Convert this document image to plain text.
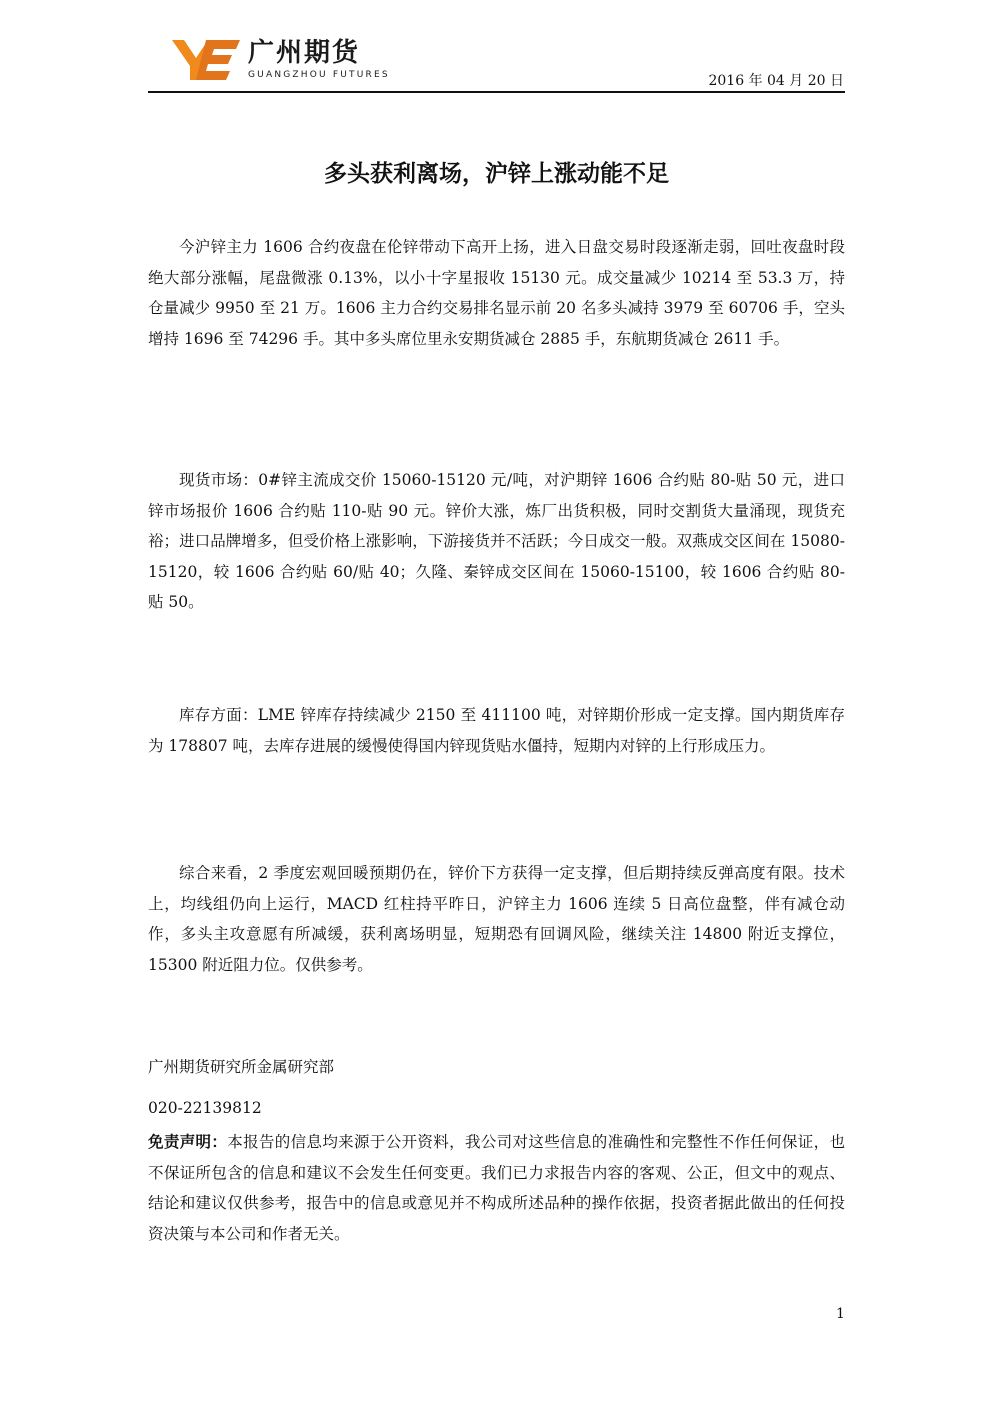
广州期货
GUANGZHOU FUTURES	2016 年 04 月 20 日
多头获利离场，沪锌上涨动能不足

今沪锌主力 1606 合约夜盘在伦锌带动下高开上扬，进入日盘交易时段逐渐走弱，回吐夜盘时段绝大部分涨幅，尾盘微涨 0.13%，以小十字星报收 15130 元。成交量减少 10214 至 53.3 万，持仓量减少 9950 至 21 万。1606 主力合约交易排名显示前 20 名多头减持 3979 至 60706 手，空头增持 1696 至 74296 手。其中多头席位里永安期货减仓 2885 手，东航期货减仓 2611 手。

现货市场：0#锌主流成交价 15060-15120 元/吨，对沪期锌 1606 合约贴 80-贴 50 元，进口锌市场报价 1606 合约贴 110-贴 90 元。锌价大涨，炼厂出货积极，同时交割货大量涌现，现货充裕；进口品牌增多，但受价格上涨影响，下游接货并不活跃；今日成交一般。双燕成交区间在 15080-15120，较 1606 合约贴 60/贴 40；久隆、秦锌成交区间在 15060-15100，较 1606 合约贴 80-贴 50。

库存方面：LME 锌库存持续减少 2150 至 411100 吨，对锌期价形成一定支撑。国内期货库存为 178807 吨，去库存进展的缓慢使得国内锌现货贴水僵持，短期内对锌的上行形成压力。

综合来看，2 季度宏观回暖预期仍在，锌价下方获得一定支撑，但后期持续反弹高度有限。技术上，均线组仍向上运行，MACD 红柱持平昨日，沪锌主力 1606 连续 5 日高位盘整，伴有减仓动作，多头主攻意愿有所减缓，获利离场明显，短期恐有回调风险，继续关注 14800 附近支撑位，15300 附近阻力位。仅供参考。

广州期货研究所金属研究部

020-22139812

免责声明：本报告的信息均来源于公开资料，我公司对这些信息的准确性和完整性不作任何保证，也不保证所包含的信息和建议不会发生任何变更。我们已力求报告内容的客观、公正，但文中的观点、结论和建议仅供参考，报告中的信息或意见并不构成所述品种的操作依据，投资者据此做出的任何投资决策与本公司和作者无关。

1
